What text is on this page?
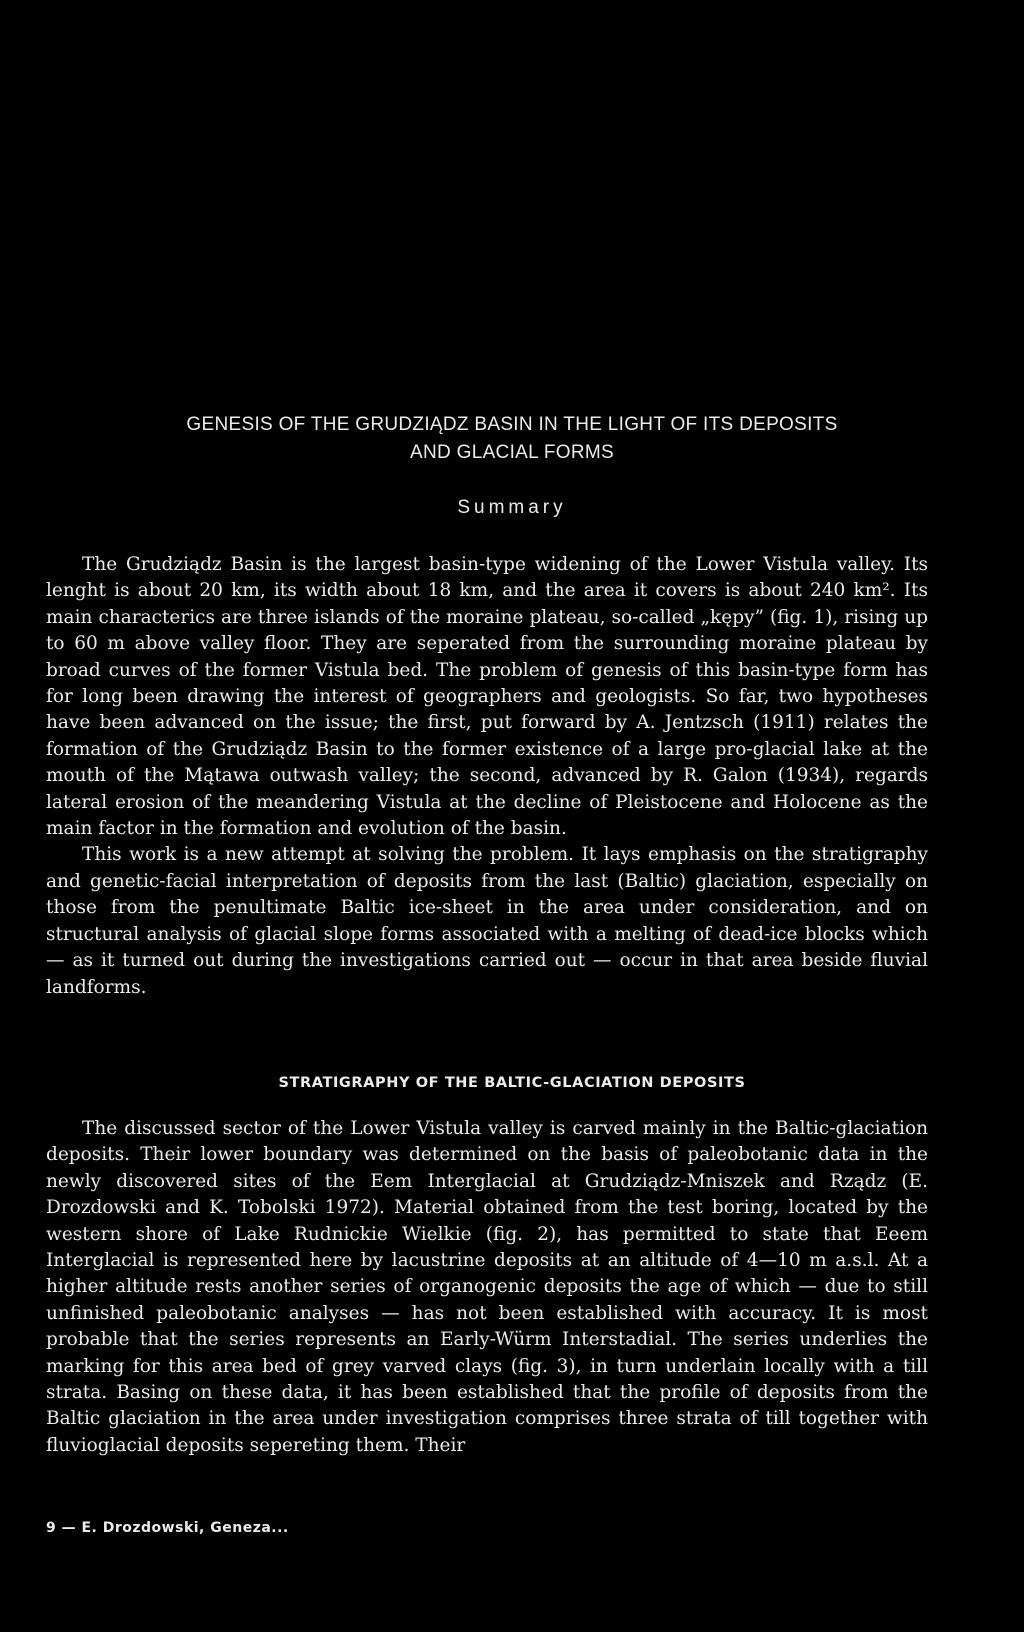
GENESIS OF THE GRUDZIĄDZ BASIN IN THE LIGHT OF ITS DEPOSITS
AND GLACIAL FORMS
Summary

The Grudziądz Basin is the largest basin-type widening of the Lower Vistula valley. Its lenght is about 20 km, its width about 18 km, and the area it covers is about 240 km². Its main characterics are three islands of the moraine plateau, so-called „kępy” (fig. 1), rising up to 60 m above valley floor. They are seperated from the surrounding moraine plateau by broad curves of the former Vistula bed. The problem of genesis of this basin-type form has for long been drawing the interest of geographers and geologists. So far, two hypotheses have been advanced on the issue; the first, put forward by A. Jentzsch (1911) relates the formation of the Grudziądz Basin to the former existence of a large pro-glacial lake at the mouth of the Mątawa outwash valley; the second, advanced by R. Galon (1934), regards lateral erosion of the meandering Vistula at the decline of Pleistocene and Holocene as the main factor in the formation and evolution of the basin.

This work is a new attempt at solving the problem. It lays emphasis on the stratigraphy and genetic-facial interpretation of deposits from the last (Baltic) glaciation, especially on those from the penultimate Baltic ice-sheet in the area under consideration, and on structural analysis of glacial slope forms associated with a melting of dead-ice blocks which — as it turned out during the investigations carried out — occur in that area beside fluvial landforms.

STRATIGRAPHY OF THE BALTIC-GLACIATION DEPOSITS

The discussed sector of the Lower Vistula valley is carved mainly in the Baltic-glaciation deposits. Their lower boundary was determined on the basis of paleobotanic data in the newly discovered sites of the Eem Interglacial at Grudziądz-Mniszek and Rządz (E. Drozdowski and K. Tobolski 1972). Material obtained from the test boring, located by the western shore of Lake Rudnickie Wielkie (fig. 2), has permitted to state that Eeem Interglacial is represented here by lacustrine deposits at an altitude of 4—10 m a.s.l. At a higher altitude rests another series of organogenic deposits the age of which — due to still unfinished paleobotanic analyses — has not been established with accuracy. It is most probable that the series represents an Early-Würm Interstadial. The series underlies the marking for this area bed of grey varved clays (fig. 3), in turn underlain locally with a till strata. Basing on these data, it has been established that the profile of deposits from the Baltic glaciation in the area under investigation comprises three strata of till together with fluvioglacial deposits sepereting them. Their

9 — E. Drozdowski, Geneza...
